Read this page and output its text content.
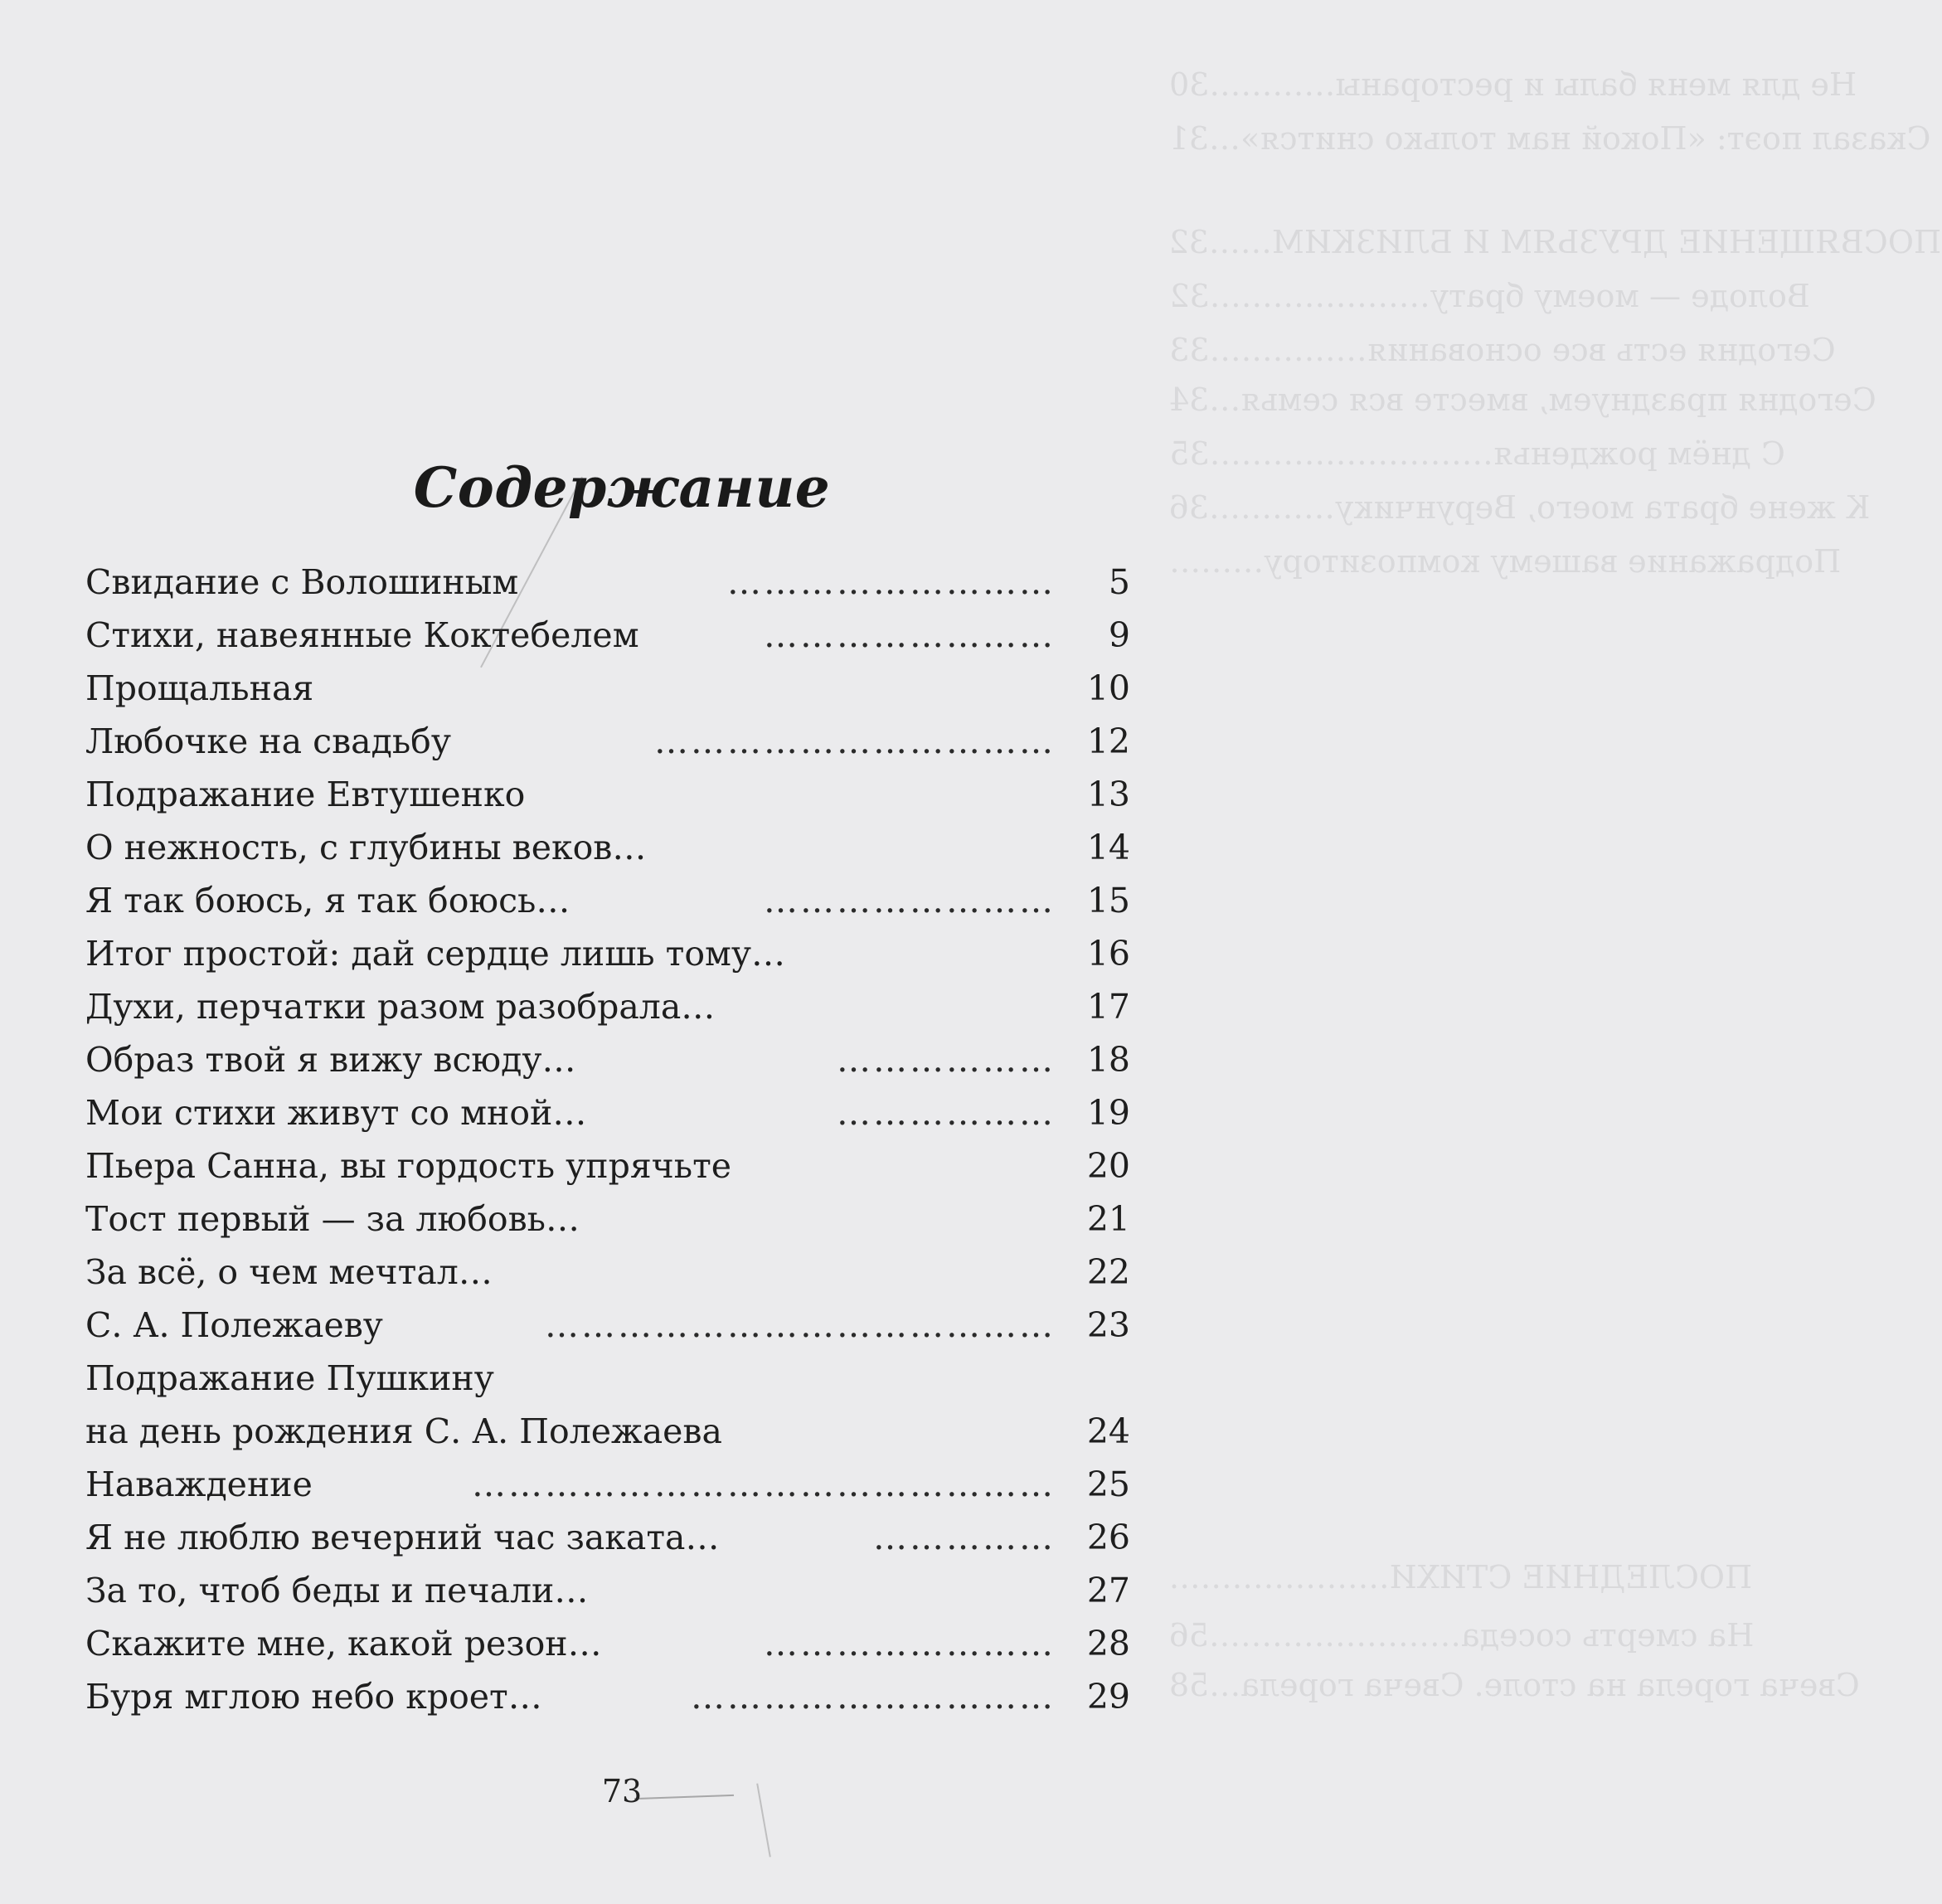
Не для меня балы и рестораны…………30
Сказал поэт: «Покой нам только снится»…31
ПОСВЯЩЕНИЕ ДРУЗЬЯМ И БЛИЗКИМ……32
Володе — моему брату…………………32
Сегодня есть все основания……………33
Сегодня празднуем, вместе вся семья…34
С днём рожденья………………………35
К жене брата моего, Верунчику…………36
Подражание вашему композитору………
ПОСЛЕДНИЕ СТИХИ…………………
На смерть соседа……………………56
Свеча горела на столе. Свеча горела…58
Содержание
Свидание с Волошиным	……………………… 5
Стихи, навеянные Коктебелем	…………………… 9
Прощальная	10
Любочке на свадьбу	…………………………… 12
Подражание Евтушенко	13
О нежность, с глубины веков…	14
Я так боюсь, я так боюсь…	…………………… 15
Итог простой: дай сердце лишь тому…	16
Духи, перчатки разом разобрала…	17
Образ твой я вижу всюду…	……………… 18
Мои стихи живут со мной…	……………… 19
Пьера Санна, вы гордость упрячьте	20
Тост первый — за любовь…	21
За всё, о чем мечтал…	22
С. А. Полежаеву	…………………………………… 23
Подражание Пушкину
на день рождения С. А. Полежаева	24
Наваждение	………………………………………… 25
Я не люблю вечерний час заката…	…………… 26
За то, чтоб беды и печали…	27
Скажите мне, какой резон…	…………………… 28
Буря мглою небо кроет…	………………………… 29
73
